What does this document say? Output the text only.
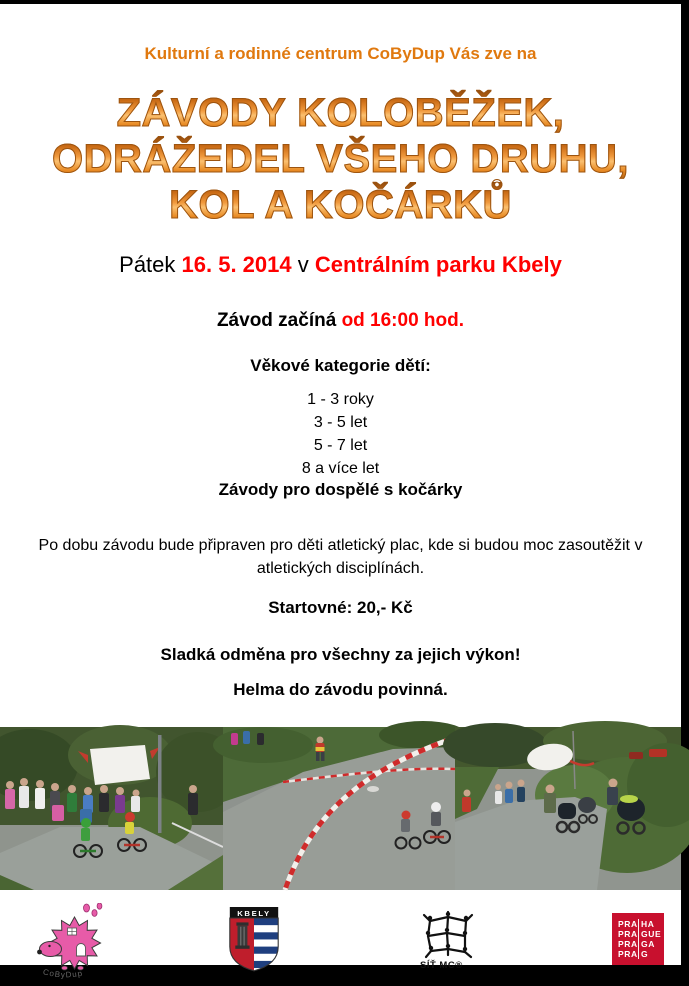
Kulturní a rodinné centrum CoByDup Vás zve na
ZÁVODY KOLOBĚŽEK,
ODRÁŽEDEL VŠEHO DRUHU,
KOL A KOČÁRKŮ
Pátek 16. 5. 2014 v Centrálním parku Kbely
Závod začíná od 16:00 hod.
Věkové kategorie dětí:
1 - 3 roky
3 - 5 let
5 - 7 let
8 a více let
Závody pro dospělé s kočárky
Po dobu závodu bude připraven pro děti atletický plac, kde si budou moc zasoutěžit v atletických disciplínách.
Startovné: 20,- Kč
Sladká odměna pro všechny za jejich výkon!
Helma do závodu povinná.
CoByDup
KBELY
SÍŤ MC®
PRA HA
PRA GUE
PRA GA
PRA G
